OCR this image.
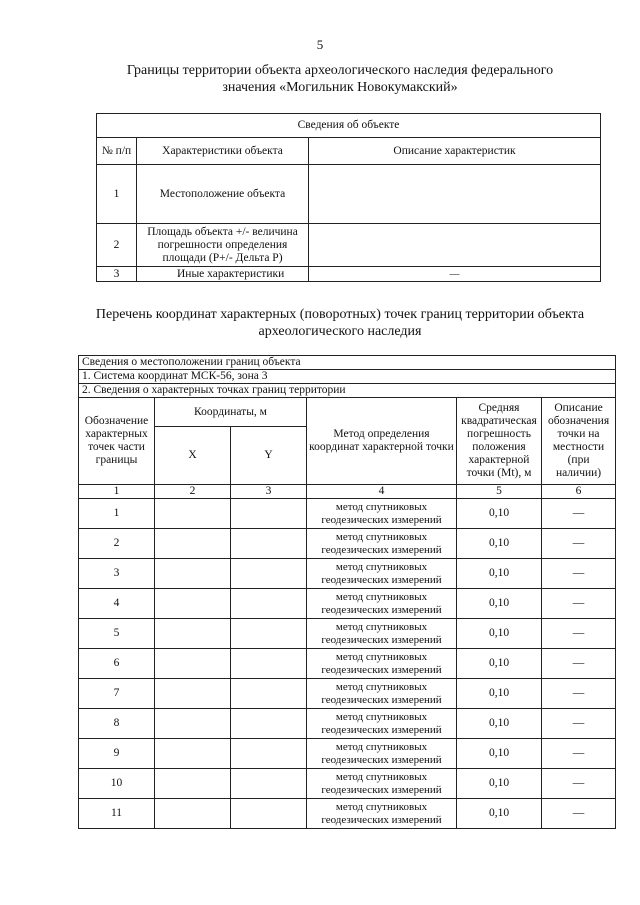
5
Границы территории объекта археологического наследия федерального значения «Могильник Новокумакский»
Сведения об объекте		
№ п/п	Характеристики объекта	Описание характеристик
1	Местоположение объекта	
2	Площадь объекта +/- величина погрешности определения площади (Р+/- Дельта Р)	
3	Иные характеристики	—
Перечень координат характерных (поворотных) точек границ территории объекта археологического наследия
Сведения о местоположении границ объекта					
1. Система координат МСК-56, зона 3					
2. Сведения о характерных точках границ территории					
Обозначение характерных точек части границы	Координаты, м		Метод определения координат характерной точки	Средняя квадратическая погрешность положения характерной точки (Mt), м	Описание обозначения точки на местности (при наличии)
	X	Y			
1	2	3	4	5	6
1			метод спутниковых геодезических измерений	0,10	—
2			метод спутниковых геодезических измерений	0,10	—
3			метод спутниковых геодезических измерений	0,10	—
4			метод спутниковых геодезических измерений	0,10	—
5			метод спутниковых геодезических измерений	0,10	—
6			метод спутниковых геодезических измерений	0,10	—
7			метод спутниковых геодезических измерений	0,10	—
8			метод спутниковых геодезических измерений	0,10	—
9			метод спутниковых геодезических измерений	0,10	—
10			метод спутниковых геодезических измерений	0,10	—
11			метод спутниковых геодезических измерений	0,10	—
